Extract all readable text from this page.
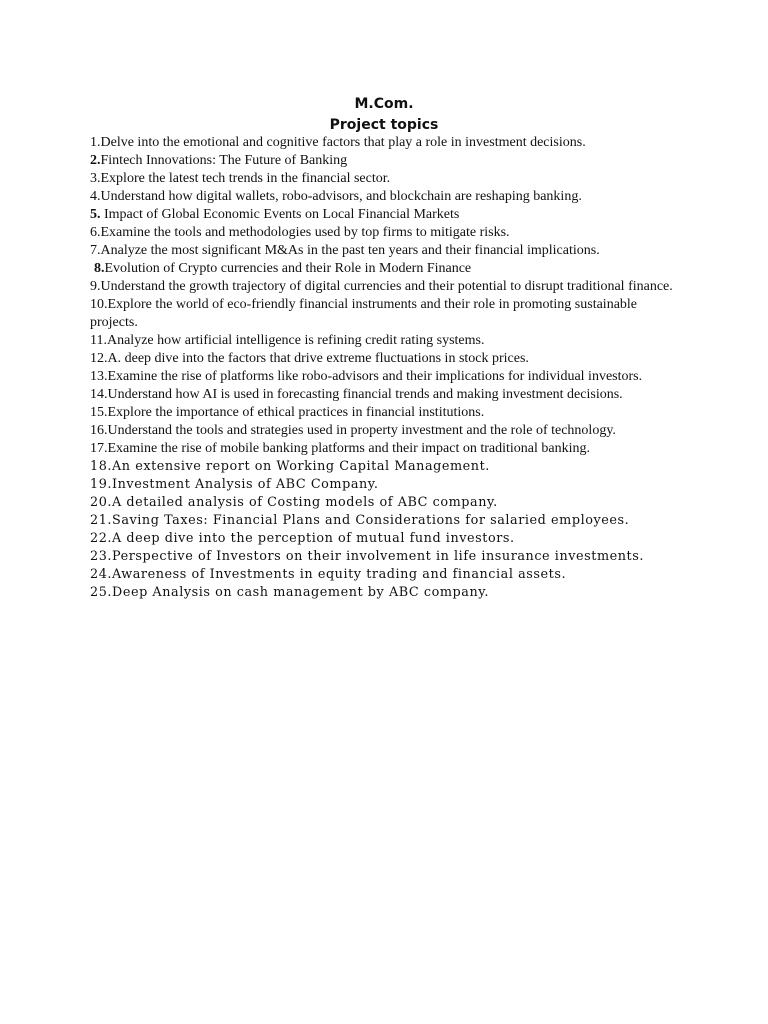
M.Com.
Project topics
1.Delve into the emotional and cognitive factors that play a role in investment decisions.
2.Fintech Innovations: The Future of Banking
3.Explore the latest tech trends in the financial sector.
4.Understand how digital wallets, robo-advisors, and blockchain are reshaping banking.
5. Impact of Global Economic Events on Local Financial Markets
6.Examine the tools and methodologies used by top firms to mitigate risks.
7.Analyze the most significant M&As in the past ten years and their financial implications.
8.Evolution of Crypto currencies and their Role in Modern Finance
9.Understand the growth trajectory of digital currencies and their potential to disrupt traditional finance.
10.Explore the world of eco-friendly financial instruments and their role in promoting sustainable projects.
11.Analyze how artificial intelligence is refining credit rating systems.
12.A. deep dive into the factors that drive extreme fluctuations in stock prices.
13.Examine the rise of platforms like robo-advisors and their implications for individual investors.
14.Understand how AI is used in forecasting financial trends and making investment decisions.
15.Explore the importance of ethical practices in financial institutions.
16.Understand the tools and strategies used in property investment and the role of technology.
17.Examine the rise of mobile banking platforms and their impact on traditional banking.
18.An extensive report on Working Capital Management.
19.Investment Analysis of ABC Company.
20.A detailed analysis of Costing models of ABC company.
21.Saving Taxes: Financial Plans and Considerations for salaried employees.
22.A deep dive into the perception of mutual fund investors.
23.Perspective of Investors on their involvement in life insurance investments.
24.Awareness of Investments in equity trading and financial assets.
25.Deep Analysis on cash management by ABC company.
